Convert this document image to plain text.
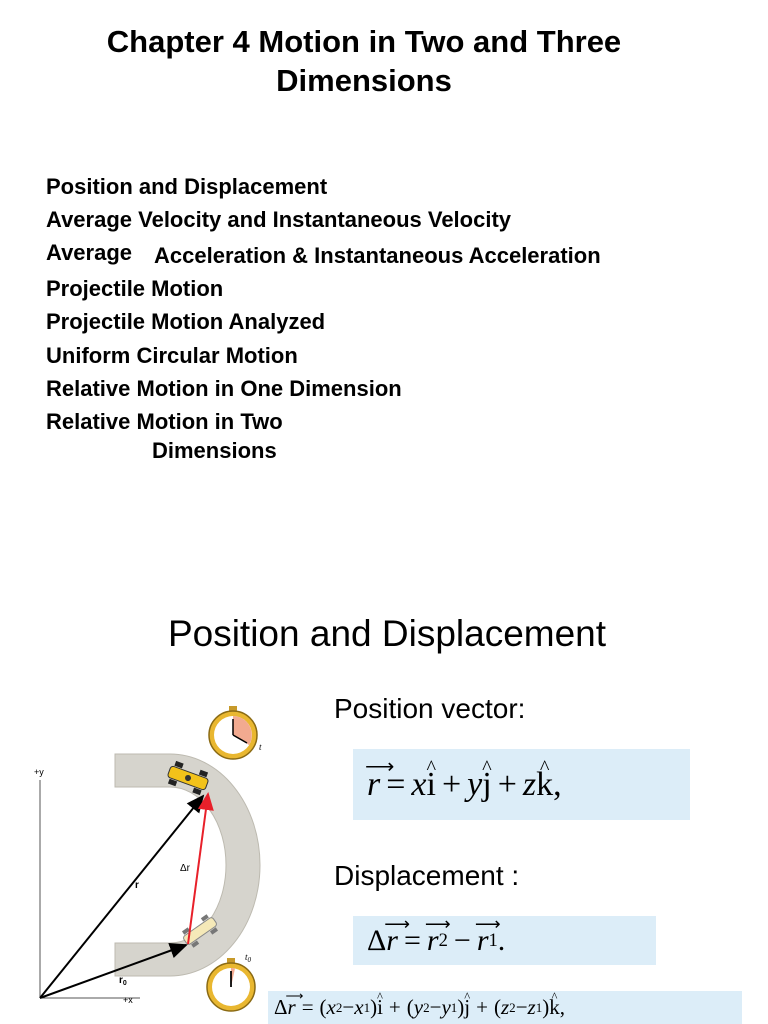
Chapter 4 Motion in Two and Three
Dimensions
Position and Displacement
Average Velocity and Instantaneous Velocity
Average Acceleration & Instantaneous Acceleration
Projectile Motion
Projectile Motion Analyzed
Uniform Circular Motion
Relative Motion in One Dimension
Relative Motion in Two
Dimensions
Position and Displacement
+y
+x
r
$r_0$
Δr
t
$t_0$
Position vector:
⟶ r = x ^ i + y ^ j + z ^ k ,
Displacement :
Δ ⟶ r = ⟶ r 2 − ⟶ r 1 .
Δ ⟶ r = ( x 2 − x 1 ) ^ i + ( y 2 − y 1 ) ^ j + ( z 2 − z 1 ) ^ k ,
